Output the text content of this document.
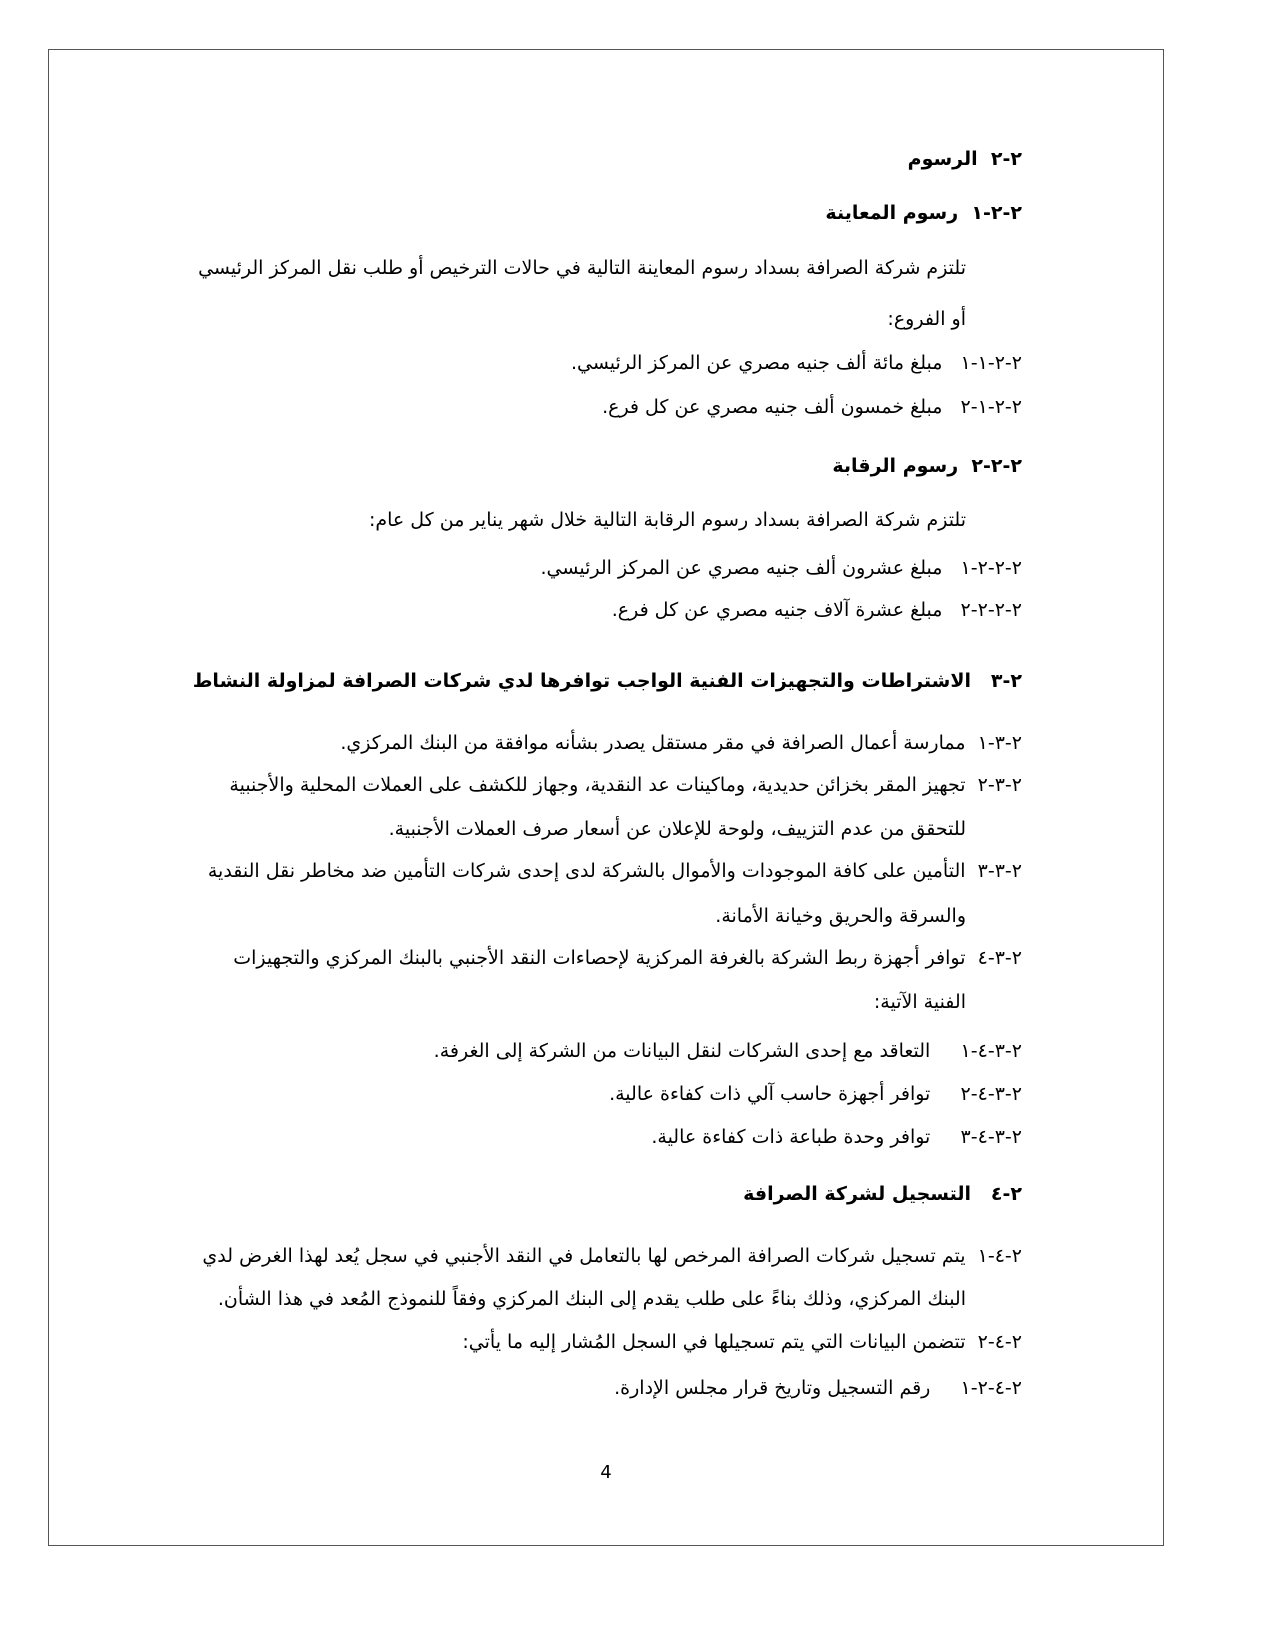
٢-٢  الرسوم
٢-٢-١  رسوم المعاينة
تلتزم شركة الصرافة بسداد رسوم المعاينة التالية في حالات الترخيص أو طلب نقل المركز الرئيسي
أو الفروع:
٢-٢-١-١   مبلغ مائة ألف جنيه مصري عن المركز الرئيسي.
٢-٢-١-٢   مبلغ خمسون ألف جنيه مصري عن كل فرع.
٢-٢-٢  رسوم الرقابة
تلتزم شركة الصرافة بسداد رسوم الرقابة التالية خلال شهر يناير من كل عام:
٢-٢-٢-١   مبلغ عشرون ألف جنيه مصري عن المركز الرئيسي.
٢-٢-٢-٢   مبلغ عشرة آلاف جنيه مصري عن كل فرع.
٢-٣   الاشتراطات والتجهيزات الفنية الواجب توافرها لدي شركات الصرافة لمزاولة النشاط
٢-٣-١  ممارسة أعمال الصرافة في مقر مستقل يصدر بشأنه موافقة من البنك المركزي.
٢-٣-٢  تجهيز المقر بخزائن حديدية، وماكينات عد النقدية، وجهاز للكشف على العملات المحلية والأجنبية
للتحقق من عدم التزييف، ولوحة للإعلان عن أسعار صرف العملات الأجنبية.
٢-٣-٣  التأمين على كافة الموجودات والأموال بالشركة لدى إحدى شركات التأمين ضد مخاطر نقل النقدية
والسرقة والحريق وخيانة الأمانة.
٢-٣-٤  توافر أجهزة ربط الشركة بالغرفة المركزية لإحصاءات النقد الأجنبي بالبنك المركزي والتجهيزات
الفنية الآتية:
٢-٣-٤-١     التعاقد مع إحدى الشركات لنقل البيانات من الشركة إلى الغرفة.
٢-٣-٤-٢     توافر أجهزة حاسب آلي ذات كفاءة عالية.
٢-٣-٤-٣     توافر وحدة طباعة ذات كفاءة عالية.
٢-٤   التسجيل لشركة الصرافة
٢-٤-١  يتم تسجيل شركات الصرافة المرخص لها بالتعامل في النقد الأجنبي في سجل يُعد لهذا الغرض لدي
البنك المركزي، وذلك بناءً على طلب يقدم إلى البنك المركزي وفقاً للنموذج المُعد في هذا الشأن.
٢-٤-٢  تتضمن البيانات التي يتم تسجيلها في السجل المُشار إليه ما يأتي:
٢-٤-٢-١     رقم التسجيل وتاريخ قرار مجلس الإدارة.
4
